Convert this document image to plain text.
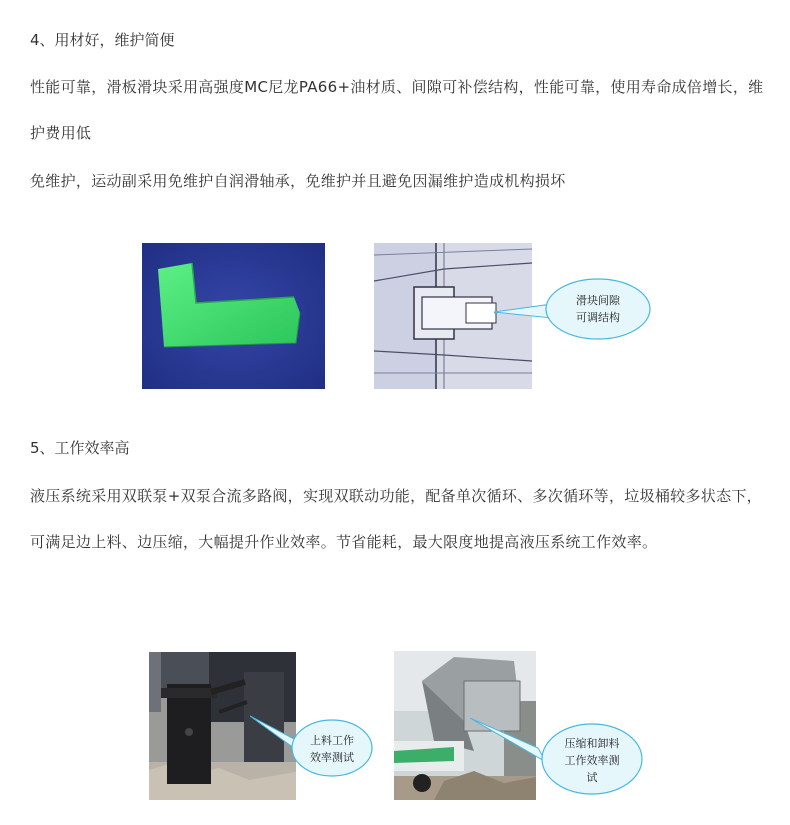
4、用材好，维护简便

性能可靠，滑板滑块采用高强度MC尼龙PA66+油材质、间隙可补偿结构，性能可靠，使用寿命成倍增长，维护费用低

免维护，运动副采用免维护自润滑轴承，免维护并且避免因漏维护造成机构损坏

滑块间隙
可调结构

5、工作效率高

液压系统采用双联泵+双泵合流多路阀，实现双联动功能，配备单次循环、多次循环等，垃圾桶较多状态下，可满足边上料、边压缩，大幅提升作业效率。节省能耗，最大限度地提高液压系统工作效率。

上料工作
效率测试
压缩和卸料
工作效率测
试
